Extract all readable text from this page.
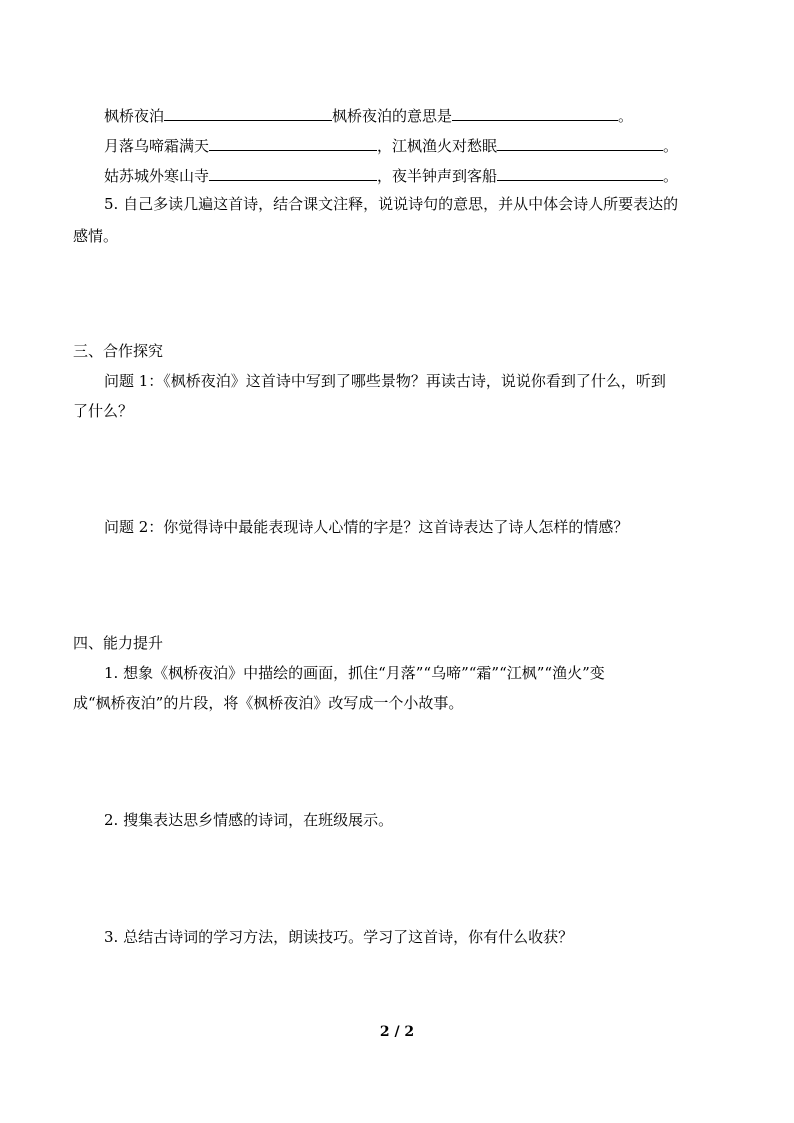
枫桥夜泊	枫桥夜泊的意思是	。
月落乌啼霜满天	，江枫渔火对愁眠	。
姑苏城外寒山寺	，夜半钟声到客船	。
5. 自己多读几遍这首诗，结合课文注释，说说诗句的意思，并从中体会诗人所要表达的
感情。
三、合作探究
问题 1：《枫桥夜泊》这首诗中写到了哪些景物？再读古诗，说说你看到了什么，听到
了什么？
问题 2：你觉得诗中最能表现诗人心情的字是？这首诗表达了诗人怎样的情感？
四、能力提升
1. 想象《枫桥夜泊》中描绘的画面，抓住“月落”“乌啼”“霜”“江枫”“渔火”变
成“枫桥夜泊”的片段，将《枫桥夜泊》改写成一个小故事。
2. 搜集表达思乡情感的诗词，在班级展示。
3. 总结古诗词的学习方法，朗读技巧。学习了这首诗，你有什么收获？
2 / 2
